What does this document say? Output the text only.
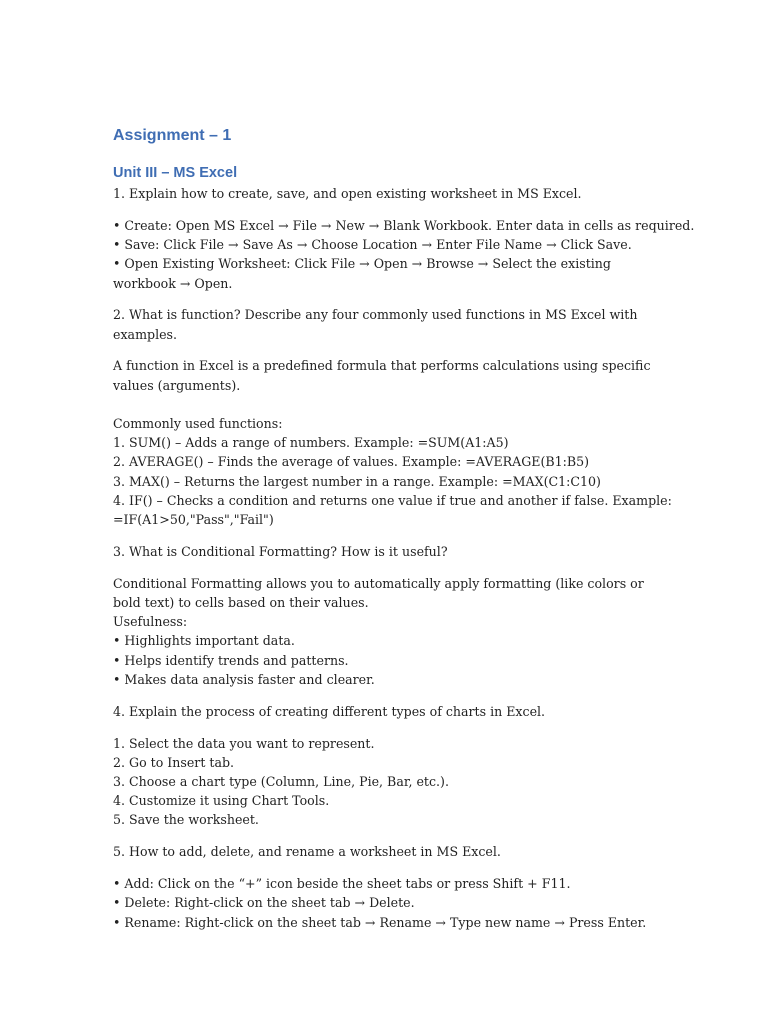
Assignment – 1
Unit III – MS Excel

1. Explain how to create, save, and open existing worksheet in MS Excel.

• Create: Open MS Excel → File → New → Blank Workbook. Enter data in cells as required.
• Save: Click File → Save As → Choose Location → Enter File Name → Click Save.
• Open Existing Worksheet: Click File → Open → Browse → Select the existing workbook → Open.

2. What is function? Describe any four commonly used functions in MS Excel with examples.

A function in Excel is a predefined formula that performs calculations using specific values (arguments).
Commonly used functions:
1. SUM() – Adds a range of numbers. Example: =SUM(A1:A5)
2. AVERAGE() – Finds the average of values. Example: =AVERAGE(B1:B5)
3. MAX() – Returns the largest number in a range. Example: =MAX(C1:C10)
4. IF() – Checks a condition and returns one value if true and another if false. Example: =IF(A1>50,"Pass","Fail")

3. What is Conditional Formatting? How is it useful?

Conditional Formatting allows you to automatically apply formatting (like colors or bold text) to cells based on their values.
Usefulness:
• Highlights important data.
• Helps identify trends and patterns.
• Makes data analysis faster and clearer.

4. Explain the process of creating different types of charts in Excel.

1. Select the data you want to represent.
2. Go to Insert tab.
3. Choose a chart type (Column, Line, Pie, Bar, etc.).
4. Customize it using Chart Tools.
5. Save the worksheet.

5. How to add, delete, and rename a worksheet in MS Excel.

• Add: Click on the “+” icon beside the sheet tabs or press Shift + F11.
• Delete: Right-click on the sheet tab → Delete.
• Rename: Right-click on the sheet tab → Rename → Type new name → Press Enter.
